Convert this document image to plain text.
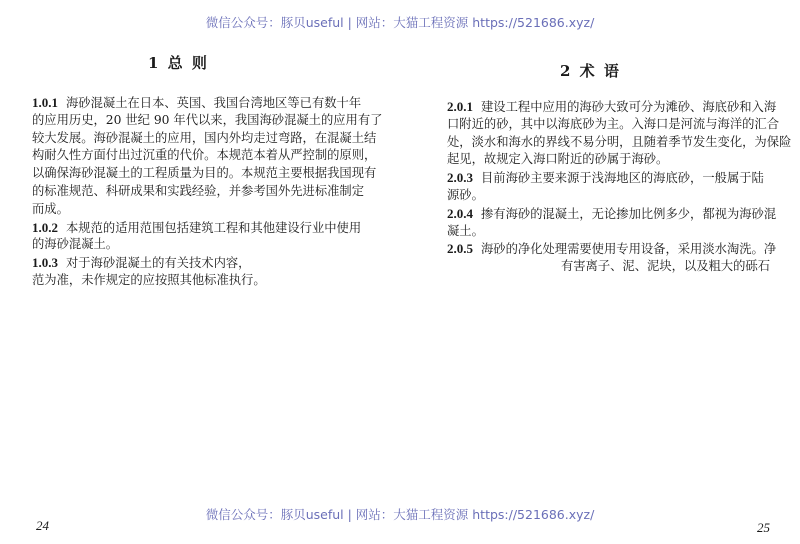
微信公众号：豚贝useful | 网站：大猫工程资源 https://521686.xyz/
微信公众号：豚贝useful | 网站：大猫工程资源 https://521686.xyz/
1 总 则	2 术 语
1.0.1 海砂混凝土在日本、英国、我国台湾地区等已有数十年
的应用历史，20 世纪 90 年代以来，我国海砂混凝土的应用有了
较大发展。海砂混凝土的应用，国内外均走过弯路，在混凝土结
构耐久性方面付出过沉重的代价。本规范本着从严控制的原则，
以确保海砂混凝土的工程质量为目的。本规范主要根据我国现有
的标准规范、科研成果和实践经验，并参考国外先进标准制定
而成。
1.0.2 本规范的适用范围包括建筑工程和其他建设行业中使用
的海砂混凝土。
1.0.3 对于海砂混凝土的有关技术内容，
范为准，未作规定的应按照其他标准执行。
2.0.1 建设工程中应用的海砂大致可分为滩砂、海底砂和入海
口附近的砂，其中以海底砂为主。入海口是河流与海洋的汇合
处，淡水和海水的界线不易分明，且随着季节发生变化，为保险
起见，故规定入海口附近的砂属于海砂。
2.0.3 目前海砂主要来源于浅海地区的海底砂，一般属于陆
源砂。
2.0.4 掺有海砂的混凝土，无论掺加比例多少，都视为海砂混
凝土。
2.0.5 海砂的净化处理需要使用专用设备，采用淡水淘洗。净
有害离子、泥、泥块，以及粗大的砾石
24	25
